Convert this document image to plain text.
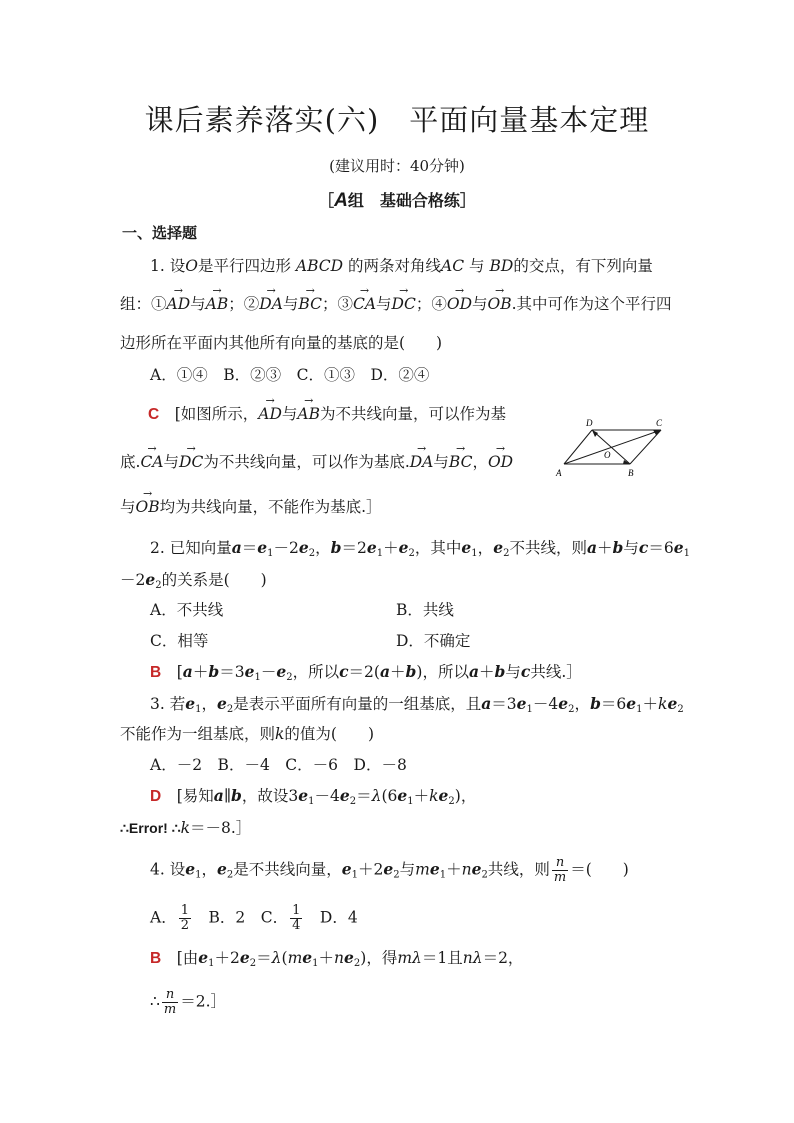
课后素养落实(六)　平面向量基本定理
(建议用时：40分钟)
［A组　基础合格练］
一、选择题
1. 设O是平行四边形 ABCD 的两条对角线AC 与 BD的交点，有下列向量
组：①→ AD与→ AB；②→ DA与→ BC；③→ CA与→ DC；④→ OD与→ OB.其中可作为这个平行四
边形所在平面内其他所有向量的基底的是(　　)
A．①④　B．②③　C．①③　D．②④
C　 [如图所示，→ AD与→ AB为不共线向量，可以作为基
底.→ CA与→ DC为不共线向量，可以作为基底.→ DA与→ BC，→ OD
与→ OB均为共线向量，不能作为基底.］
D	C
O
A	B
2. 已知向量$a=e_1-2e_2$，$b=2e_1+e_2$，其中$e_1$，$e_2$不共线，则a＋b与$c=6e_1$
$-2e_2$的关系是(　　)
A．不共线	B．共线
C．相等	D．不确定
B　 [$a+b=3e_1-e_2$，所以c＝2(a＋b)，所以a＋b与c共线.］
3. 若$e_1$，$e_2$是表示平面所有向量的一组基底，且$a=3e_1-4e_2$，$b=6e_1+ke_2$
不能作为一组基底，则k的值为(　　)
A．－2　B．－4　C．－6　D．－8
D　 [易知a∥b，故设$3e_1-4e_2=\lambda(6e_1+ke_2)$，
∴Error! ∴k＝－8.］
4. 设$e_1$，$e_2$是不共线向量，$e_1+2e_2$与$me_1+ne_2$共线，则 $\frac{n}{m}$ ＝(　　)
A． $\frac{1}{2}$
　 B．2　C． $\frac{1}{4}$
　 D．4
B　 [由$e_1+2e_2=\lambda(me_1+ne_2)$，得mλ＝1且nλ＝2，
∴ $\frac{n}{m}$ ＝2.］
